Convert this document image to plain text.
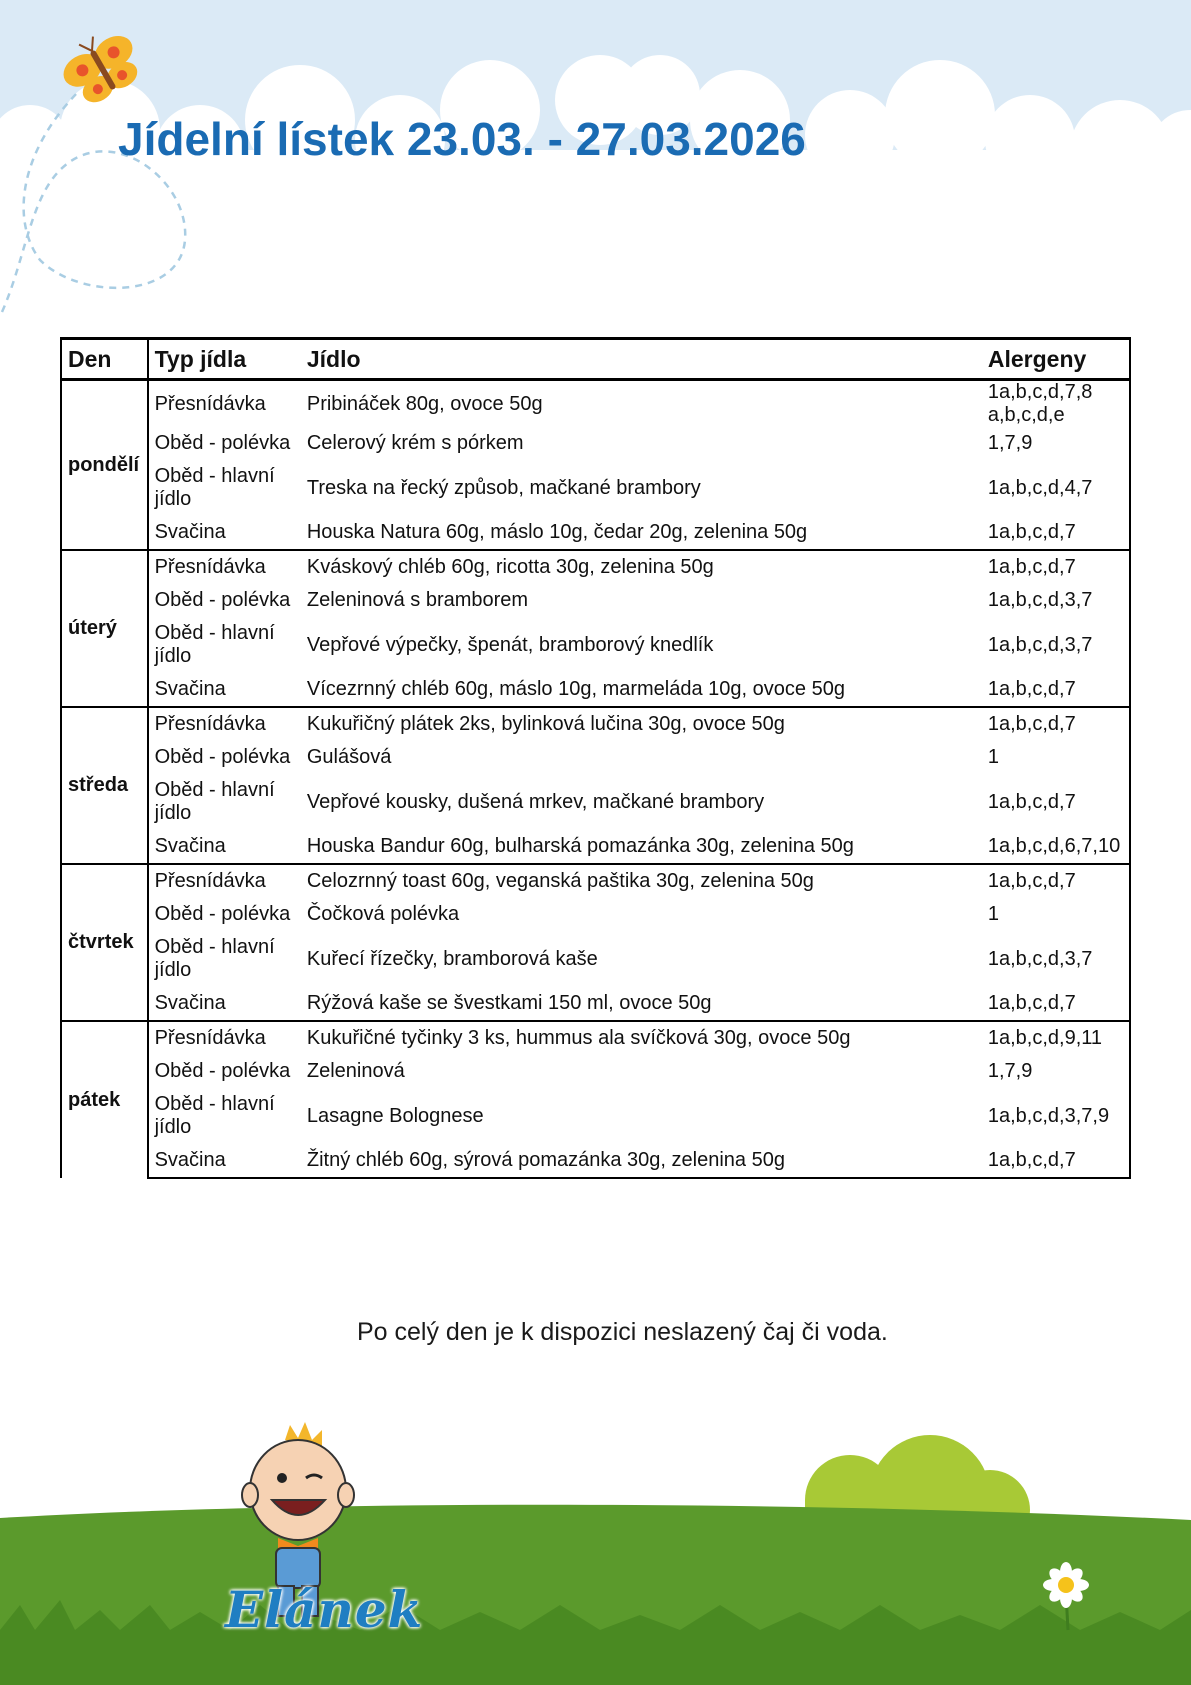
Jídelní lístek 23.03. - 27.03.2026
Den	Typ jídla	Jídlo	Alergeny
pondělí	Přesnídávka	Pribináček 80g, ovoce 50g	1a,b,c,d,7,8 a,b,c,d,e
	Oběd - polévka	Celerový krém s pórkem	1,7,9
	Oběd - hlavní jídlo	Treska na řecký způsob, mačkané brambory	1a,b,c,d,4,7
	Svačina	Houska Natura 60g, máslo 10g, čedar 20g, zelenina 50g	1a,b,c,d,7
úterý	Přesnídávka	Kváskový chléb 60g, ricotta 30g, zelenina 50g	1a,b,c,d,7
	Oběd - polévka	Zeleninová s bramborem	1a,b,c,d,3,7
	Oběd - hlavní jídlo	Vepřové výpečky, špenát, bramborový knedlík	1a,b,c,d,3,7
	Svačina	Vícezrnný chléb 60g, máslo 10g, marmeláda 10g, ovoce 50g	1a,b,c,d,7
středa	Přesnídávka	Kukuřičný plátek 2ks, bylinková lučina 30g, ovoce 50g	1a,b,c,d,7
	Oběd - polévka	Gulášová	1
	Oběd - hlavní jídlo	Vepřové kousky, dušená mrkev, mačkané brambory	1a,b,c,d,7
	Svačina	Houska Bandur 60g, bulharská pomazánka 30g, zelenina 50g	1a,b,c,d,6,7,10
čtvrtek	Přesnídávka	Celozrnný toast 60g, veganská paštika 30g, zelenina 50g	1a,b,c,d,7
	Oběd - polévka	Čočková polévka	1
	Oběd - hlavní jídlo	Kuřecí řízečky, bramborová kaše	1a,b,c,d,3,7
	Svačina	Rýžová kaše se švestkami 150 ml, ovoce 50g	1a,b,c,d,7
pátek	Přesnídávka	Kukuřičné tyčinky 3 ks, hummus ala svíčková 30g, ovoce 50g	1a,b,c,d,9,11
	Oběd - polévka	Zeleninová	1,7,9
	Oběd - hlavní jídlo	Lasagne Bolognese	1a,b,c,d,3,7,9
	Svačina	Žitný chléb 60g, sýrová pomazánka 30g, zelenina 50g	1a,b,c,d,7
Po celý den je k dispozici neslazený čaj či voda.
Elánek
